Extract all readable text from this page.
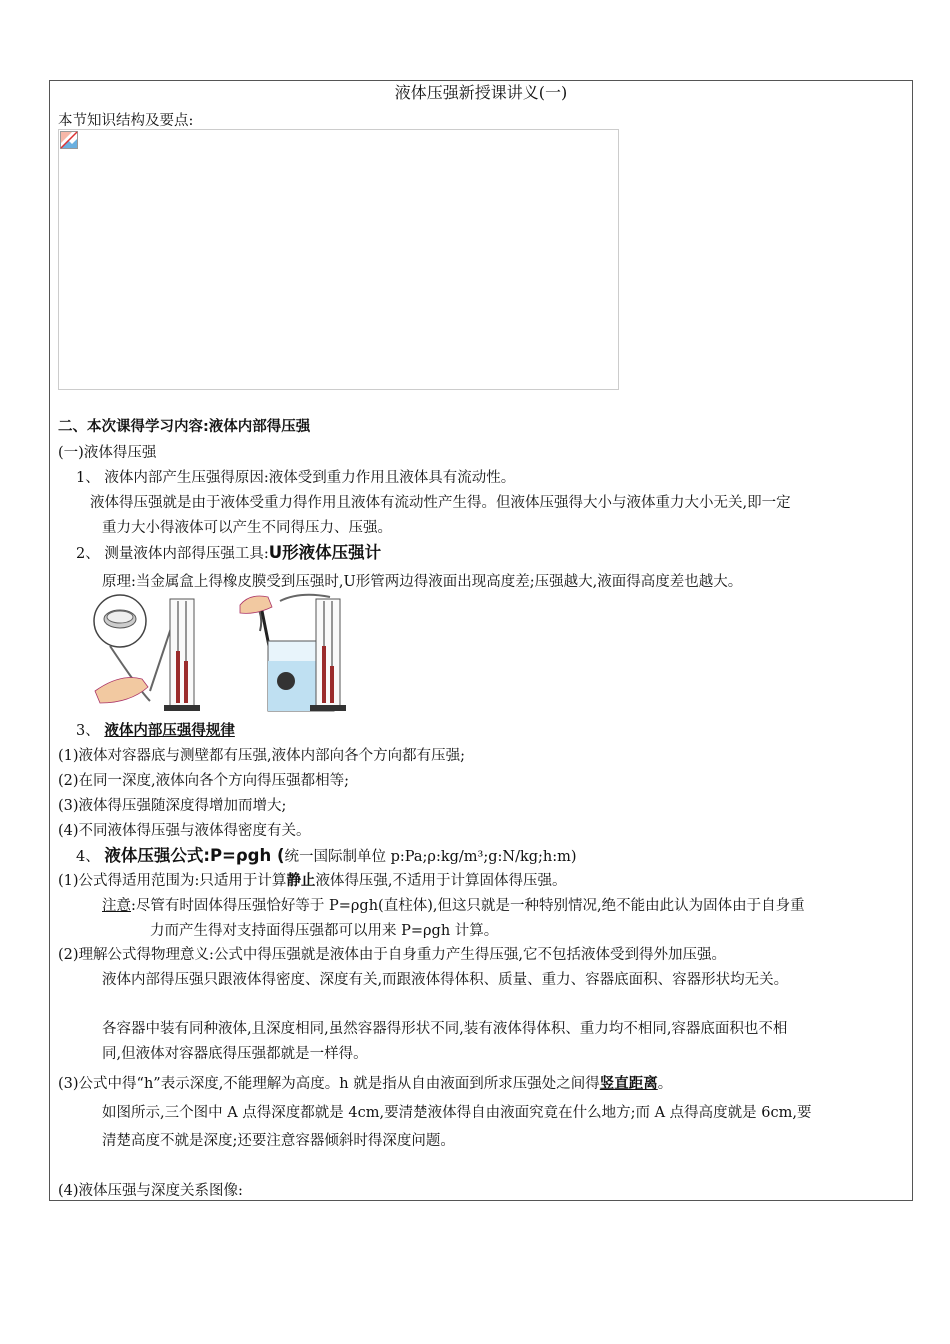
液体压强新授课讲义(一)
本节知识结构及要点:
二、本次课得学习内容:液体内部得压强
(一)液体得压强
1、 液体内部产生压强得原因:液体受到重力作用且液体具有流动性。
液体得压强就是由于液体受重力得作用且液体有流动性产生得。但液体压强得大小与液体重力大小无关,即一定
重力大小得液体可以产生不同得压力、压强。
2、 测量液体内部得压强工具:U形液体压强计
原理:当金属盒上得橡皮膜受到压强时,U形管两边得液面出现高度差;压强越大,液面得高度差也越大。
3、 液体内部压强得规律
(1)液体对容器底与测壁都有压强,液体内部向各个方向都有压强;
(2)在同一深度,液体向各个方向得压强都相等;
(3)液体得压强随深度得增加而增大;
(4)不同液体得压强与液体得密度有关。
4、 液体压强公式:P=ρgh (统一国际制单位 p:Pa;ρ:kg/m³;g:N/kg;h:m)
(1)公式得适用范围为:只适用于计算静止液体得压强,不适用于计算固体得压强。
注意:尽管有时固体得压强恰好等于 P=ρgh(直柱体),但这只就是一种特别情况,绝不能由此认为固体由于自身重
力而产生得对支持面得压强都可以用来 P=ρgh 计算。
(2)理解公式得物理意义:公式中得压强就是液体由于自身重力产生得压强,它不包括液体受到得外加压强。
液体内部得压强只跟液体得密度、深度有关,而跟液体得体积、质量、重力、容器底面积、容器形状均无关。
各容器中装有同种液体,且深度相同,虽然容器得形状不同,装有液体得体积、重力均不相同,容器底面积也不相
同,但液体对容器底得压强都就是一样得。
(3)公式中得“h”表示深度,不能理解为高度。h 就是指从自由液面到所求压强处之间得竖直距离。
如图所示,三个图中 A 点得深度都就是 4cm,要清楚液体得自由液面究竟在什么地方;而 A 点得高度就是 6cm,要
清楚高度不就是深度;还要注意容器倾斜时得深度问题。
(4)液体压强与深度关系图像:
